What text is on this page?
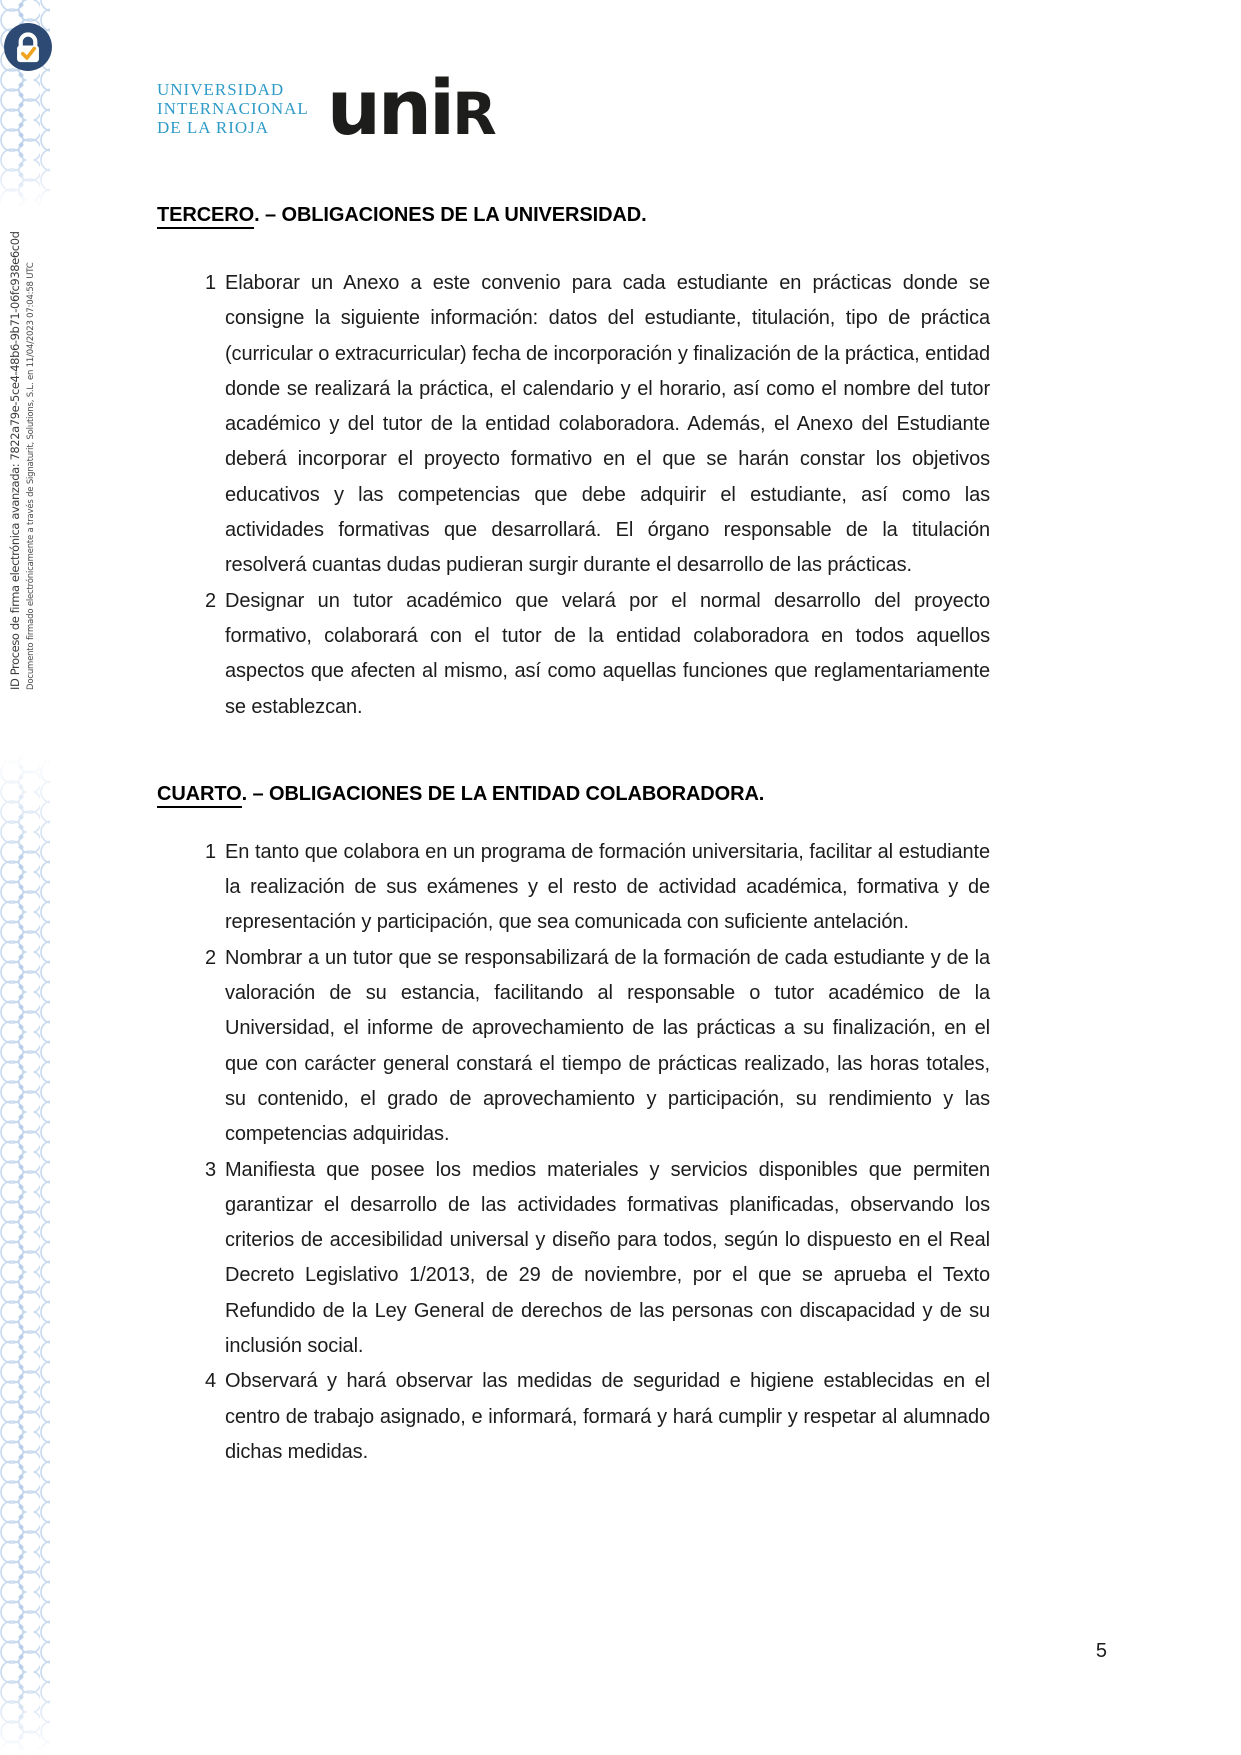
ID Proceso de firma electrónica avanzada: 7822a79e-5ce4-48b6-9b71-06fc938e6c0d Documento firmado electrónicamente a través de Signaturit, Solutions, S.L. en 11/04/2023 07:04:58 UTC
UNIVERSIDAD
INTERNACIONAL
DE LA RIOJA uniR
TERCERO. – OBLIGACIONES DE LA UNIVERSIDAD.
1 Elaborar un Anexo a este convenio para cada estudiante en prácticas donde se consigne la siguiente información: datos del estudiante, titulación, tipo de práctica (curricular o extracurricular) fecha de incorporación y finalización de la práctica, entidad donde se realizará la práctica, el calendario y el horario, así como el nombre del tutor académico y del tutor de la entidad colaboradora. Además, el Anexo del Estudiante deberá incorporar el proyecto formativo en el que se harán constar los objetivos educativos y las competencias que debe adquirir el estudiante, así como las actividades formativas que desarrollará. El órgano responsable de la titulación resolverá cuantas dudas pudieran surgir durante el desarrollo de las prácticas.
2 Designar un tutor académico que velará por el normal desarrollo del proyecto formativo, colaborará con el tutor de la entidad colaboradora en todos aquellos aspectos que afecten al mismo, así como aquellas funciones que reglamentariamente se establezcan.
CUARTO. – OBLIGACIONES DE LA ENTIDAD COLABORADORA.
1 En tanto que colabora en un programa de formación universitaria, facilitar al estudiante la realización de sus exámenes y el resto de actividad académica, formativa y de representación y participación, que sea comunicada con suficiente antelación.
2 Nombrar a un tutor que se responsabilizará de la formación de cada estudiante y de la valoración de su estancia, facilitando al responsable o tutor académico de la Universidad, el informe de aprovechamiento de las prácticas a su finalización, en el que con carácter general constará el tiempo de prácticas realizado, las horas totales, su contenido, el grado de aprovechamiento y participación, su rendimiento y las competencias adquiridas.
3 Manifiesta que posee los medios materiales y servicios disponibles que permiten garantizar el desarrollo de las actividades formativas planificadas, observando los criterios de accesibilidad universal y diseño para todos, según lo dispuesto en el Real Decreto Legislativo 1/2013, de 29 de noviembre, por el que se aprueba el Texto Refundido de la Ley General de derechos de las personas con discapacidad y de su inclusión social.
4 Observará y hará observar las medidas de seguridad e higiene establecidas en el centro de trabajo asignado, e informará, formará y hará cumplir y respetar al alumnado dichas medidas.
5
